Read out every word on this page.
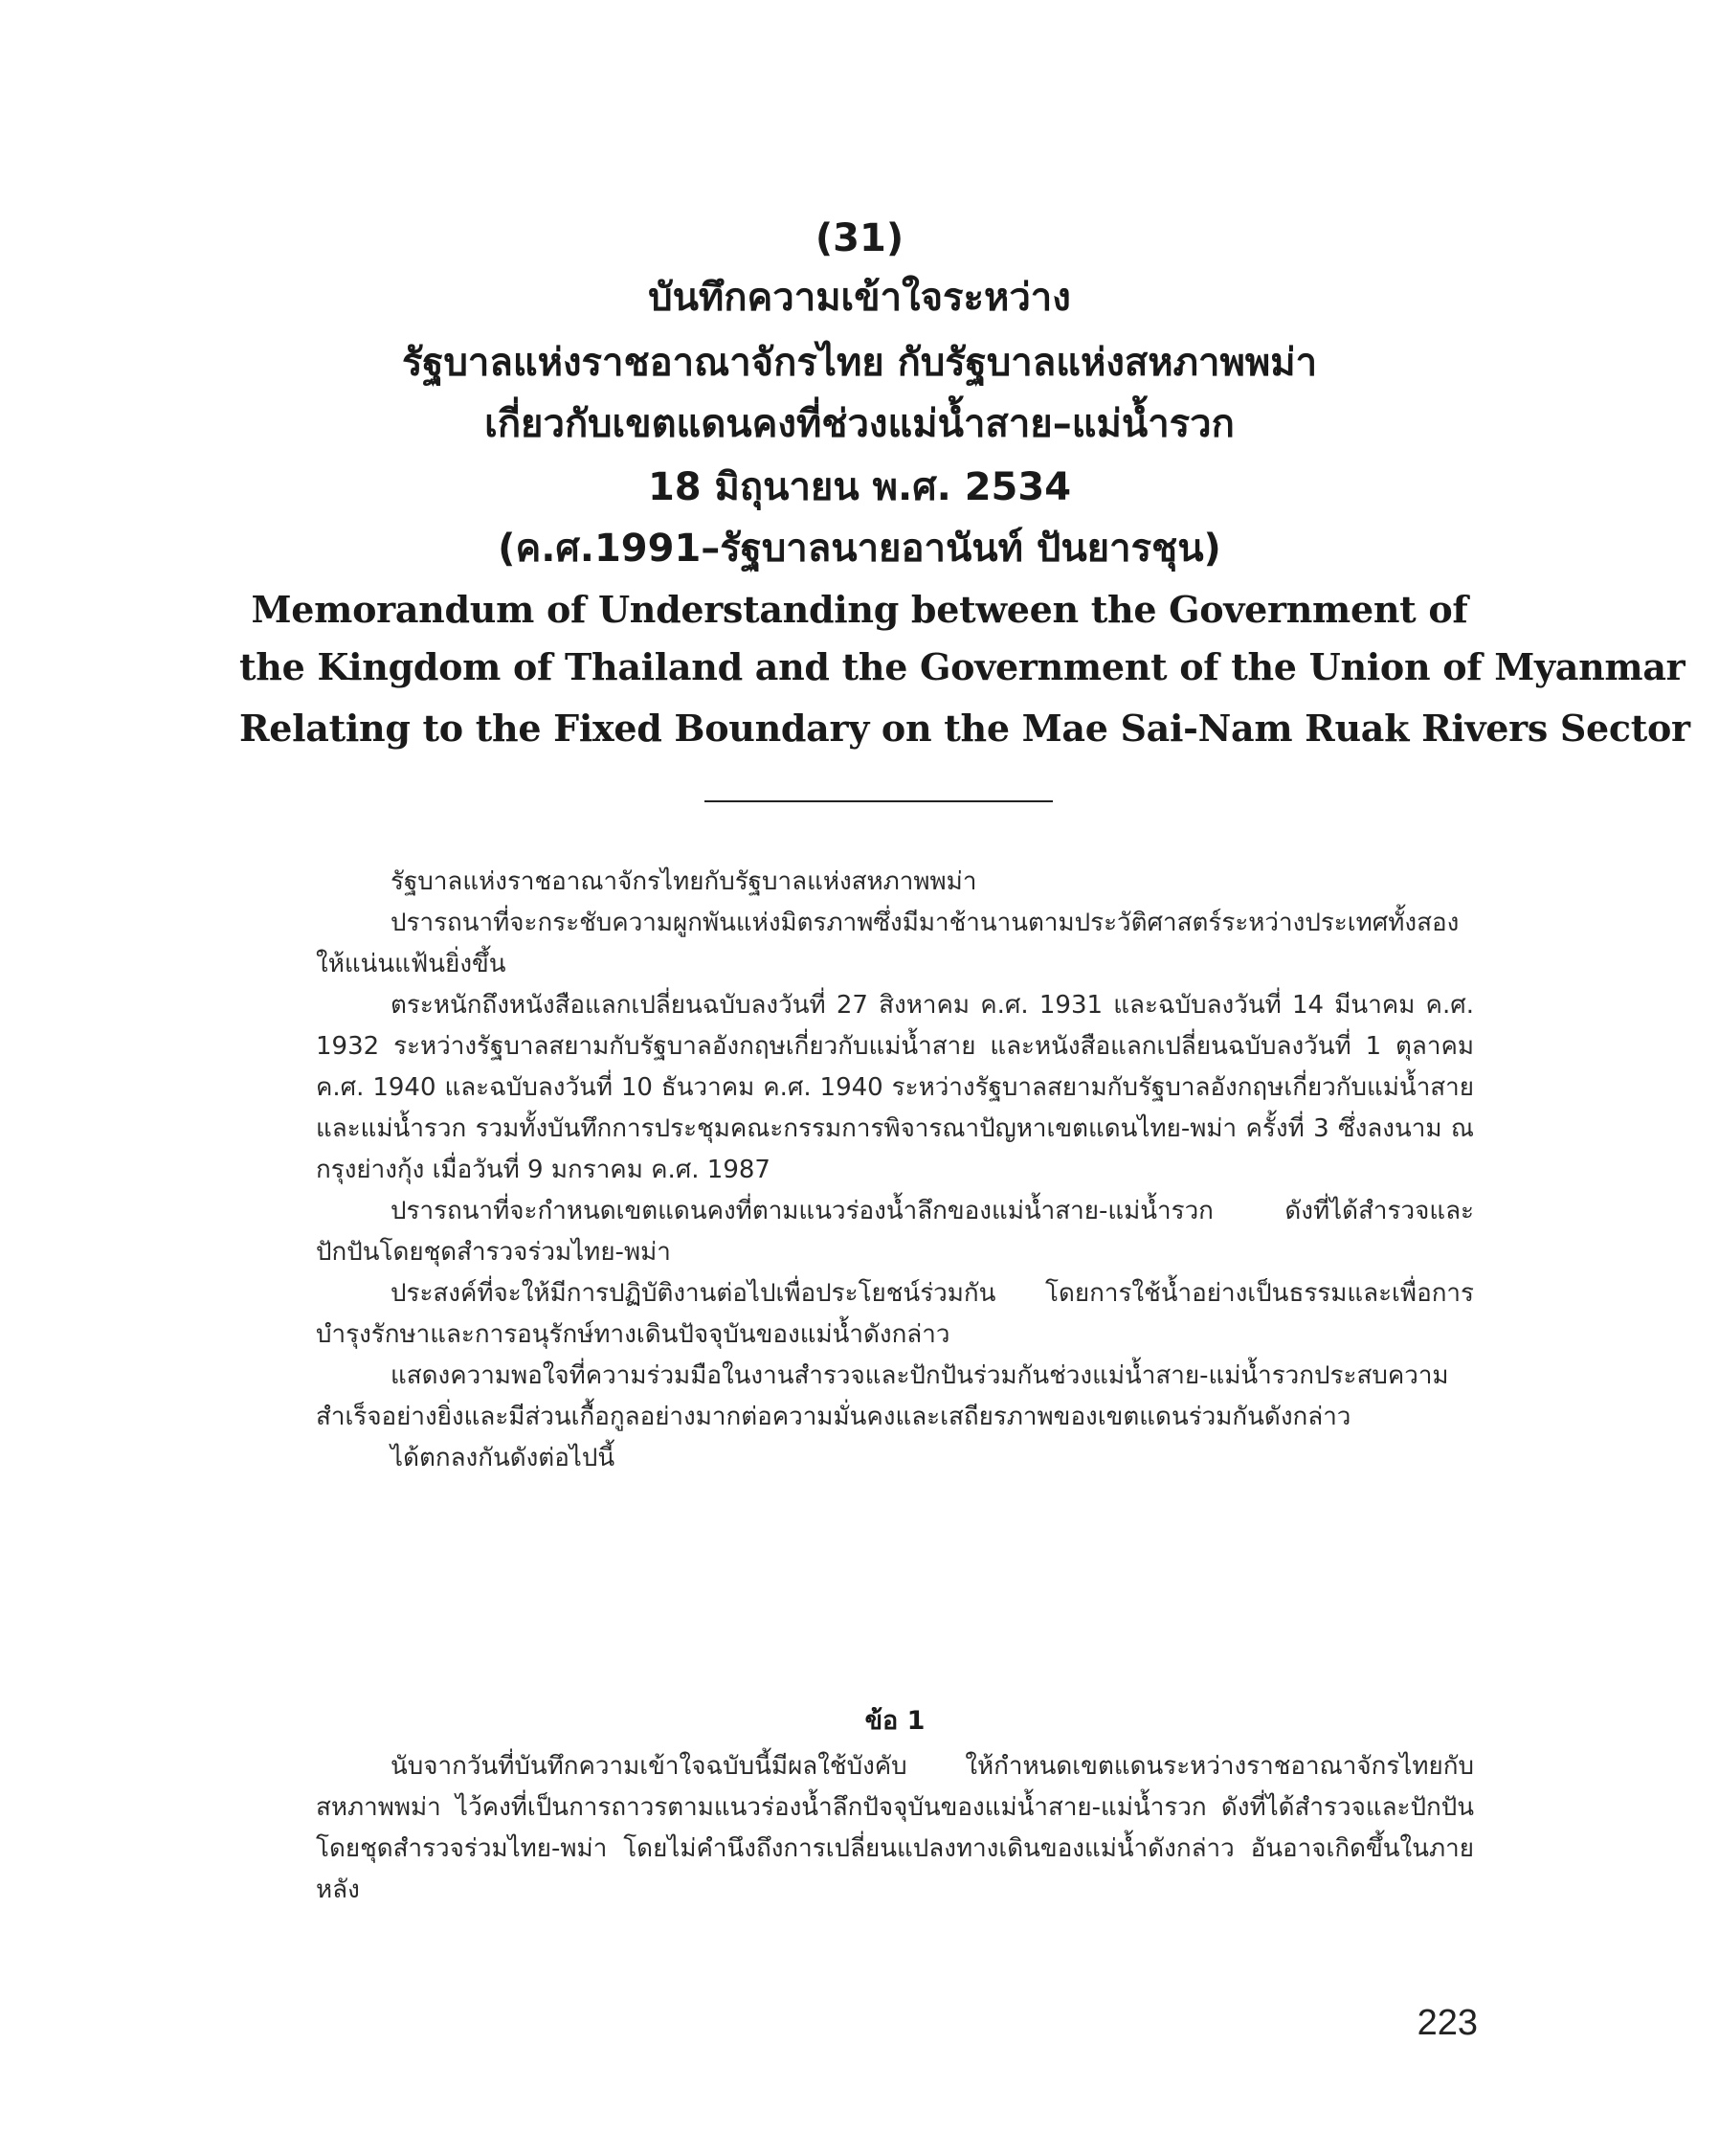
(31)
บันทึกความเข้าใจระหว่าง
รัฐบาลแห่งราชอาณาจักรไทย กับรัฐบาลแห่งสหภาพพม่า
เกี่ยวกับเขตแดนคงที่ช่วงแม่น้ำสาย–แม่น้ำรวก
18 มิถุนายน พ.ศ. 2534
(ค.ศ.1991–รัฐบาลนายอานันท์ ปันยารชุน)
Memorandum of Understanding between the Government of
the Kingdom of Thailand and the Government of the Union of Myanmar
Relating to the Fixed Boundary on the Mae Sai-Nam Ruak Rivers Sector

รัฐบาลแห่งราชอาณาจักรไทยกับรัฐบาลแห่งสหภาพพม่า

ปรารถนาที่จะกระชับความผูกพันแห่งมิตรภาพซึ่งมีมาช้านานตามประวัติศาสตร์ระหว่างประเทศทั้งสองให้แน่นแฟ้นยิ่งขึ้น

ตระหนักถึงหนังสือแลกเปลี่ยนฉบับลงวันที่ 27 สิงหาคม ค.ศ. 1931 และฉบับลงวันที่ 14 มีนาคม ค.ศ. 1932 ระหว่างรัฐบาลสยามกับรัฐบาลอังกฤษเกี่ยวกับแม่น้ำสาย และหนังสือแลกเปลี่ยนฉบับลงวันที่ 1 ตุลาคม ค.ศ. 1940 และฉบับลงวันที่ 10 ธันวาคม ค.ศ. 1940 ระหว่างรัฐบาลสยามกับรัฐบาลอังกฤษเกี่ยวกับแม่น้ำสายและแม่น้ำรวก รวมทั้งบันทึกการประชุมคณะกรรมการพิจารณาปัญหาเขตแดนไทย-พม่า ครั้งที่ 3 ซึ่งลงนาม ณ กรุงย่างกุ้ง เมื่อวันที่ 9 มกราคม ค.ศ. 1987

ปรารถนาที่จะกำหนดเขตแดนคงที่ตามแนวร่องน้ำลึกของแม่น้ำสาย-แม่น้ำรวก ดังที่ได้สำรวจและปักปันโดยชุดสำรวจร่วมไทย-พม่า

ประสงค์ที่จะให้มีการปฏิบัติงานต่อไปเพื่อประโยชน์ร่วมกัน โดยการใช้น้ำอย่างเป็นธรรมและเพื่อการบำรุงรักษาและการอนุรักษ์ทางเดินปัจจุบันของแม่น้ำดังกล่าว

แสดงความพอใจที่ความร่วมมือในงานสำรวจและปักปันร่วมกันช่วงแม่น้ำสาย-แม่น้ำรวกประสบความสำเร็จอย่างยิ่งและมีส่วนเกื้อกูลอย่างมากต่อความมั่นคงและเสถียรภาพของเขตแดนร่วมกันดังกล่าว

ได้ตกลงกันดังต่อไปนี้

ข้อ 1

นับจากวันที่บันทึกความเข้าใจฉบับนี้มีผลใช้บังคับ ให้กำหนดเขตแดนระหว่างราชอาณาจักรไทยกับสหภาพพม่า ไว้คงที่เป็นการถาวรตามแนวร่องน้ำลึกปัจจุบันของแม่น้ำสาย-แม่น้ำรวก ดังที่ได้สำรวจและปักปันโดยชุดสำรวจร่วมไทย-พม่า โดยไม่คำนึงถึงการเปลี่ยนแปลงทางเดินของแม่น้ำดังกล่าว อันอาจเกิดขึ้นในภายหลัง

223
